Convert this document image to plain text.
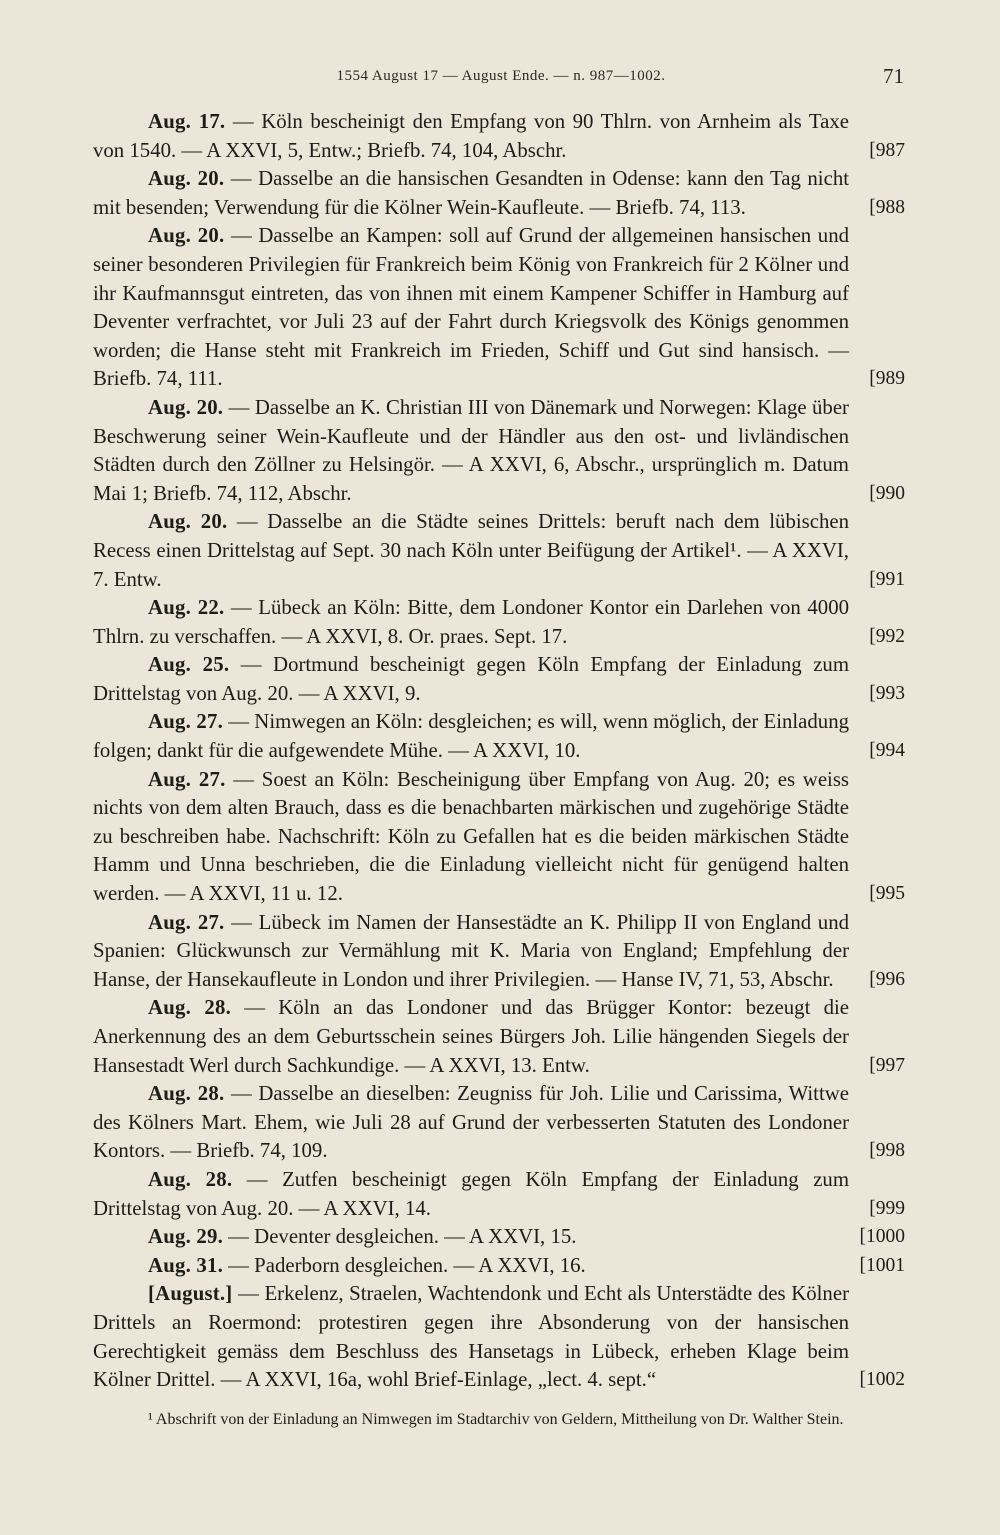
1554 August 17 — August Ende. — n. 987—1002.	71

Aug. 17. — Köln bescheinigt den Empfang von 90 Thlrn. von Arnheim als Taxe von 1540. — A XXVI, 5, Entw.; Briefb. 74, 104, Abschr.	[987

Aug. 20. — Dasselbe an die hansischen Gesandten in Odense: kann den Tag nicht mit besenden; Verwendung für die Kölner Wein-Kaufleute. — Briefb. 74, 113.	[988

Aug. 20. — Dasselbe an Kampen: soll auf Grund der allgemeinen hansischen und seiner besonderen Privilegien für Frankreich beim König von Frankreich für 2 Kölner und ihr Kaufmannsgut eintreten, das von ihnen mit einem Kampener Schiffer in Hamburg auf Deventer verfrachtet, vor Juli 23 auf der Fahrt durch Kriegsvolk des Königs genommen worden; die Hanse steht mit Frankreich im Frieden, Schiff und Gut sind hansisch. — Briefb. 74, 111.	[989

Aug. 20. — Dasselbe an K. Christian III von Dänemark und Norwegen: Klage über Beschwerung seiner Wein-Kaufleute und der Händler aus den ost- und livländischen Städten durch den Zöllner zu Helsingör. — A XXVI, 6, Abschr., ursprünglich m. Datum Mai 1; Briefb. 74, 112, Abschr.	[990

Aug. 20. — Dasselbe an die Städte seines Drittels: beruft nach dem lübischen Recess einen Drittelstag auf Sept. 30 nach Köln unter Beifügung der Artikel¹. — A XXVI, 7. Entw.	[991

Aug. 22. — Lübeck an Köln: Bitte, dem Londoner Kontor ein Darlehen von 4000 Thlrn. zu verschaffen. — A XXVI, 8. Or. praes. Sept. 17.	[992

Aug. 25. — Dortmund bescheinigt gegen Köln Empfang der Einladung zum Drittelstag von Aug. 20. — A XXVI, 9.	[993

Aug. 27. — Nimwegen an Köln: desgleichen; es will, wenn möglich, der Einladung folgen; dankt für die aufgewendete Mühe. — A XXVI, 10.	[994

Aug. 27. — Soest an Köln: Bescheinigung über Empfang von Aug. 20; es weiss nichts von dem alten Brauch, dass es die benachbarten märkischen und zugehörige Städte zu beschreiben habe. Nachschrift: Köln zu Gefallen hat es die beiden märkischen Städte Hamm und Unna beschrieben, die die Einladung vielleicht nicht für genügend halten werden. — A XXVI, 11 u. 12.	[995

Aug. 27. — Lübeck im Namen der Hansestädte an K. Philipp II von England und Spanien: Glückwunsch zur Vermählung mit K. Maria von England; Empfehlung der Hanse, der Hansekaufleute in London und ihrer Privilegien. — Hanse IV, 71, 53, Abschr.	[996

Aug. 28. — Köln an das Londoner und das Brügger Kontor: bezeugt die Anerkennung des an dem Geburtsschein seines Bürgers Joh. Lilie hängenden Siegels der Hansestadt Werl durch Sachkundige. — A XXVI, 13. Entw.	[997

Aug. 28. — Dasselbe an dieselben: Zeugniss für Joh. Lilie und Carissima, Wittwe des Kölners Mart. Ehem, wie Juli 28 auf Grund der verbesserten Statuten des Londoner Kontors. — Briefb. 74, 109.	[998

Aug. 28. — Zutfen bescheinigt gegen Köln Empfang der Einladung zum Drittelstag von Aug. 20. — A XXVI, 14.	[999

Aug. 29. — Deventer desgleichen. — A XXVI, 15.	[1000

Aug. 31. — Paderborn desgleichen. — A XXVI, 16.	[1001

[August.] — Erkelenz, Straelen, Wachtendonk und Echt als Unterstädte des Kölner Drittels an Roermond: protestiren gegen ihre Absonderung von der hansischen Gerechtigkeit gemäss dem Beschluss des Hansetags in Lübeck, erheben Klage beim Kölner Drittel. — A XXVI, 16a, wohl Brief-Einlage, „lect. 4. sept.“	[1002

¹ Abschrift von der Einladung an Nimwegen im Stadtarchiv von Geldern, Mittheilung von Dr. Walther Stein.
